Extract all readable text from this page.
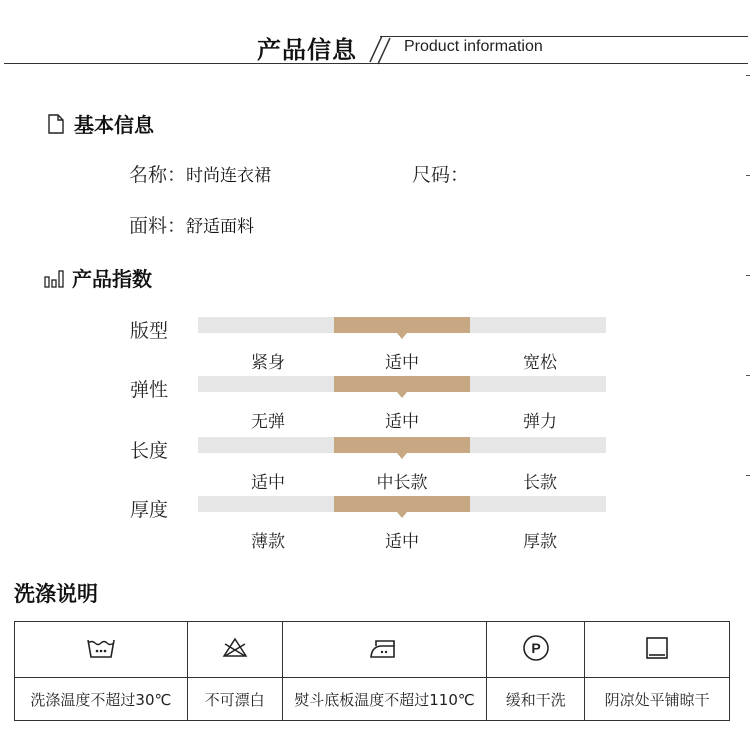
产品信息	Product information
基本信息
名称：时尚连衣裙	尺码：
面料：舒适面料
产品指数
版型
紧身	适中	宽松
弹性
无弹	适中	弹力
长度
适中	中长款	长款
厚度
薄款	适中	厚款
洗涤说明

P

洗涤温度不超过30℃	不可漂白	熨斗底板温度不超过110℃	缓和干洗	阴凉处平铺晾干
